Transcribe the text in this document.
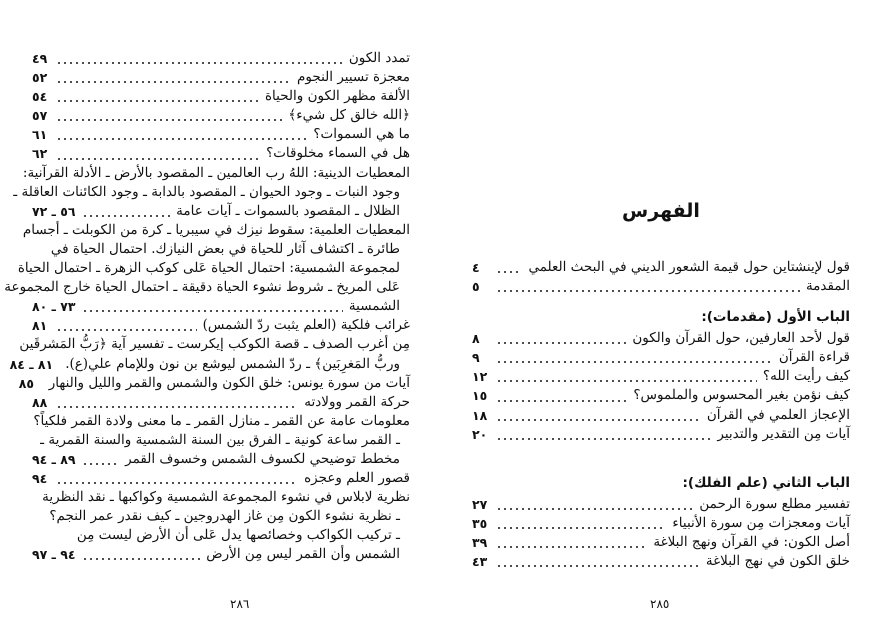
تمدد الكون
٤٩
معجزة تسيير النجوم
٥٢
الألفة مظهر الكون والحياة
٥٤
﴿الله خالق كل شيء﴾
٥٧
ما هي السموات؟
٦١
هل في السماء مخلوقات؟
٦٢
المعطيات الدينية: اللهُ رب العالمين ـ المقصود بالأرض ـ الأدلة القرآنية:
وجود النبات ـ وجود الحيوان ـ المقصود بالدابة ـ وجود الكائنات العاقلة ـ
الظلال ـ المقصود بالسموات ـ آيات عامة
٥٦ ـ ٧٢
المعطيات العلمية: سقوط نيزك في سيبريا ـ كرة من الكوبلت ـ أجسام
طائرة ـ اكتشاف آثار للحياة في بعض النيازك. احتمال الحياة في
لمجموعة الشمسية: احتمال الحياة عَلى كوكب الزهرة ـ احتمال الحياة
عَلى المريخ ـ شروط نشوء الحياة دقيقة ـ احتمال الحياة خارج المجموعة
الشمسية
٧٣ ـ ٨٠
غرائب فلكية (العلم يثبت ردّ الشمس)
٨١
مِن أغرب الصدف ـ قصة الكوكب إيكرست ـ تفسير آية ﴿رَبُّ المَشرقَين
وربُّ المَغرِبَين﴾ ـ ردّ الشمس ليوشع بن نون وللإمام علي(ع).
٨١ ـ ٨٤
آيات من سورة يونس: خلق الكون والشمس والقمر والليل والنهار
٨٥
حركة القمر وولادته
٨٨
معلومات عامة عن القمر ـ منازل القمر ـ ما معنى ولادة القمر فلكياً؟
ـ القمر ساعة كونية ـ الفرق بين السنة الشمسية والسنة القمرية ـ
مخطط توضيحي لكسوف الشمس وخسوف القمر
٨٩ ـ ٩٤
قصور العلم وعجزه
٩٤
نظرية لابلاس في نشوء المجموعة الشمسية وكواكبها ـ نقد النظرية
ـ نظرية نشوء الكون مِن غاز الهدروجين ـ كيف نقدر عمر النجم؟
ـ تركيب الكواكب وخصائصها يدل عَلى أن الأرض ليست مِن
الشمس وأن القمر ليس مِن الأرض
٩٤ ـ ٩٧
٢٨٦
الفهرس
قول لإينشتاين حول قيمة الشعور الديني في البحث العلمي
٤
المقدمة
٥
الباب الأول (مقدمات):
قول لأحد العارفين، حول القرآن والكون
٨
قراءة القرآن
٩
كيف رأيت الله؟
١٢
كيف نؤمن بغير المحسوس والملموس؟
١٥
الإعجاز العلمي في القرآن
١٨
آيات مِن التقدير والتدبير
٢٠
الباب الثاني (علم الفلك):
تفسير مطلع سورة الرحمن
٢٧
آيات ومعجزات مِن سورة الأنبياء
٣٥
أصل الكون: في القرآن ونهج البلاغة
٣٩
خلق الكون في نهج البلاغة
٤٣
٢٨٥
